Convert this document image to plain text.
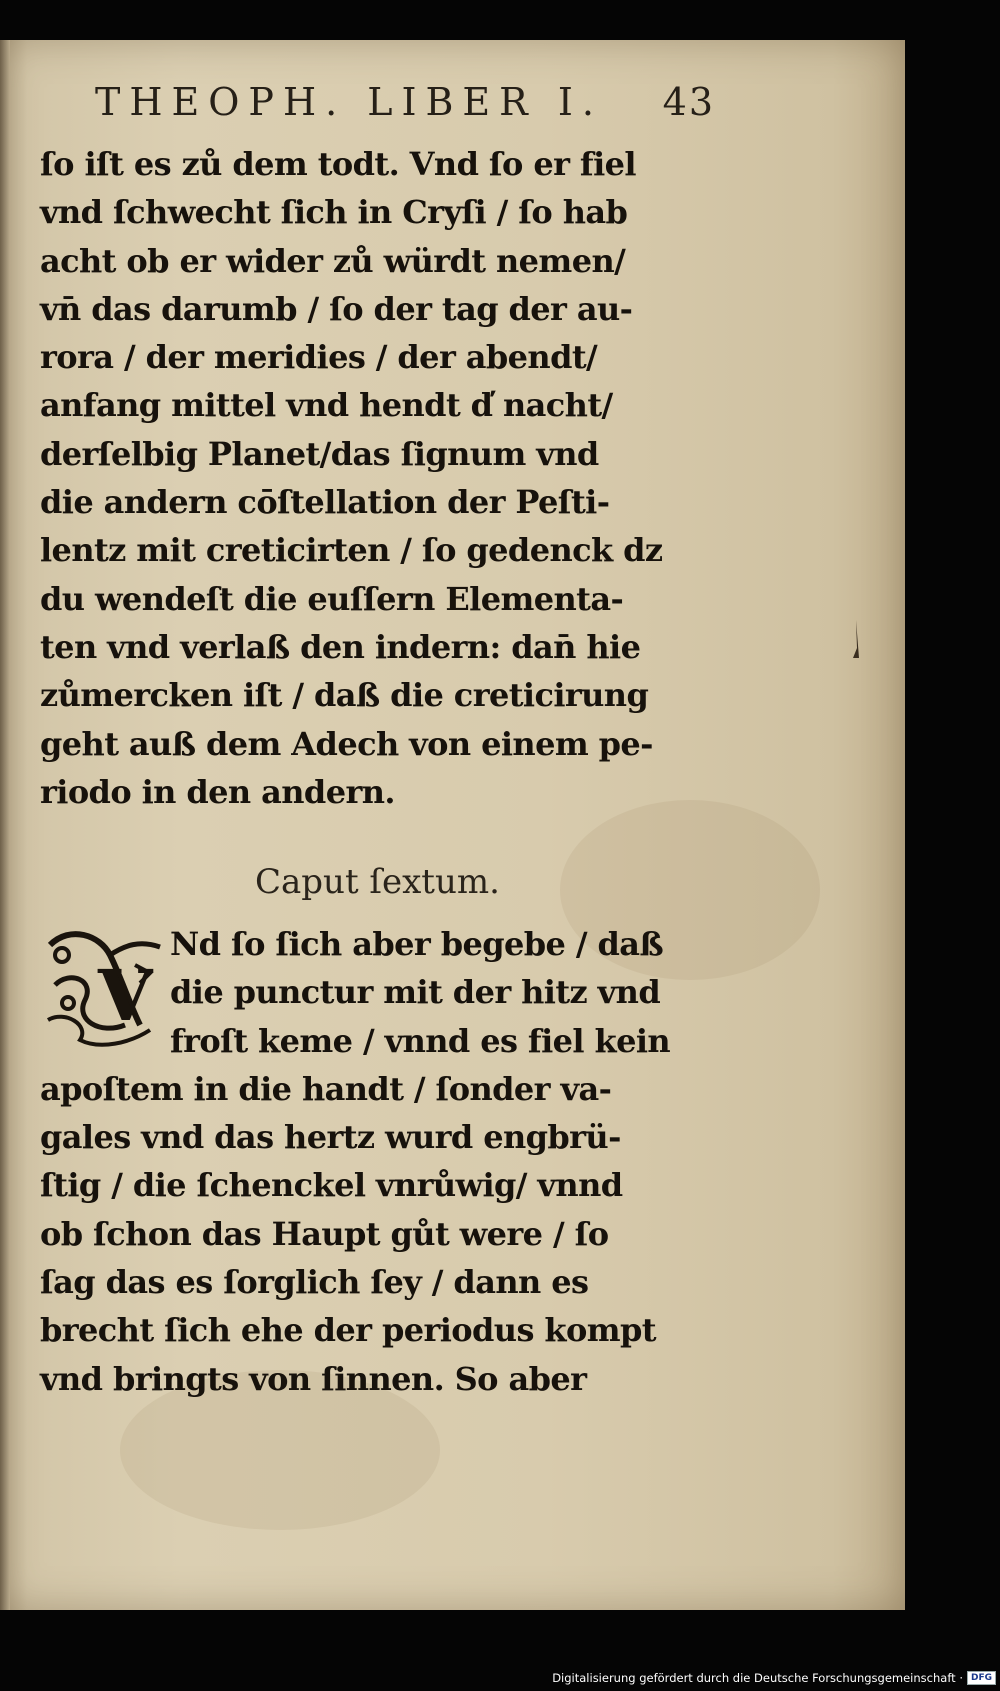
THEOPH. LIBER I. 43
ſo iſt es zů dem todt. Vnd ſo er fiel
vnd ſchwecht ſich in Cryſi / ſo hab
acht ob er wider zů würdt nemen/
vn̄ das darumb / ſo der tag der au-
rora / der meridies / der abendt/
anfang mittel vnd hendt d̕ nacht/
derſelbig Planet/das ſignum vnd
die andern cōſtellation der Peſti-
lentz mit creticirten / ſo gedenck dz
du wendeſt die euſſern Elementa-
ten vnd verlaß den indern: dan̄ hie
zůmercken iſt / daß die creticirung
geht auß dem Adech von einem pe-
riodo in den andern.
Caput ſextum.
V
Nd ſo ſich aber begebe / daß
die punctur mit der hitz vnd
froſt keme / vnnd es fiel kein
apoſtem in die handt / ſonder va-
gales vnd das hertz wurd engbrü-
ſtig / die ſchenckel vnrůwig/ vnnd
ob ſchon das Haupt gůt were / ſo
ſag das es ſorglich ſey / dann es
brecht ſich ehe der periodus kompt
vnd bringts von ſinnen. So aber
Digitalisierung gefördert durch die Deutsche Forschungsgemeinschaft · DFG
